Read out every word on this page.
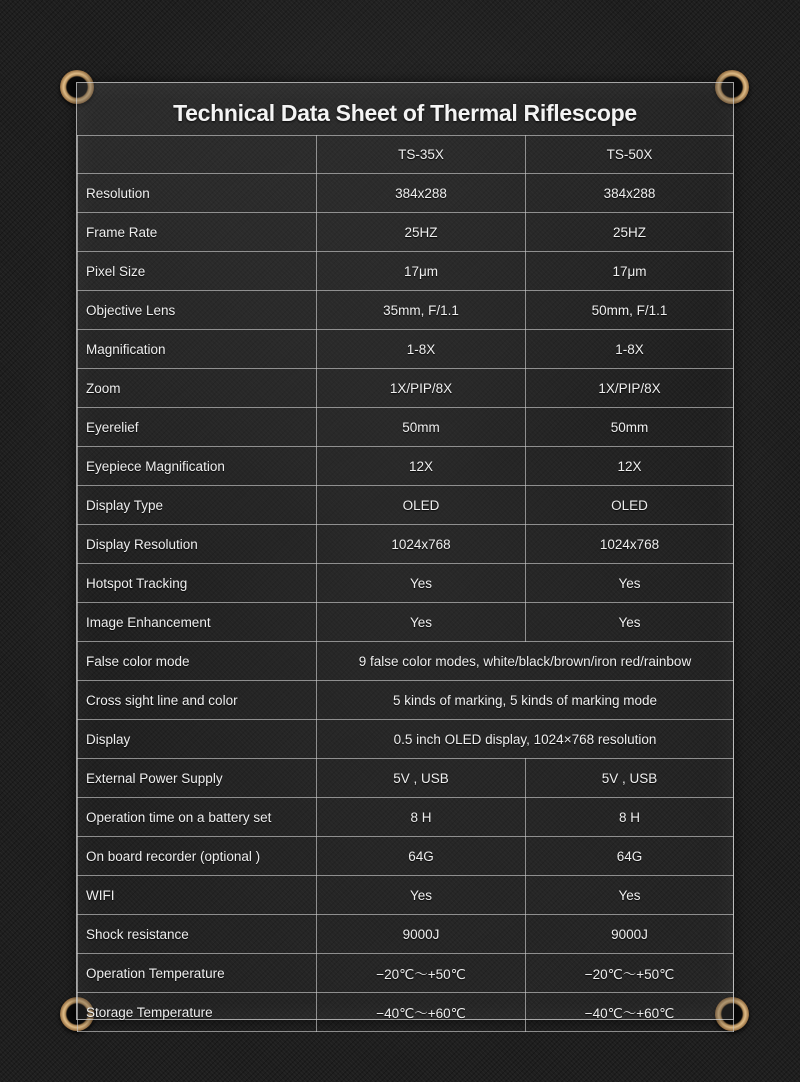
Technical Data Sheet of Thermal Riflescope
	TS-35X	TS-50X
Resolution	384x288	384x288
Frame Rate	25HZ	25HZ
Pixel Size	17μm	17μm
Objective Lens	35mm, F/1.1	50mm, F/1.1
Magnification	1-8X	1-8X
Zoom	1X/PIP/8X	1X/PIP/8X
Eyerelief	50mm	50mm
Eyepiece Magnification	12X	12X
Display Type	OLED	OLED
Display Resolution	1024x768	1024x768
Hotspot Tracking	Yes	Yes
Image Enhancement	Yes	Yes
False color mode	9 false color modes, white/black/brown/iron red/rainbow	
Cross sight line and color	5 kinds of marking, 5 kinds of marking mode	
Display	0.5 inch OLED display, 1024×768 resolution	
External Power Supply	5V , USB	5V , USB
Operation time on a battery set	8 H	8 H
On board recorder (optional )	64G	64G
WIFI	Yes	Yes
Shock resistance	9000J	9000J
Operation Temperature	−20℃～+50℃	−20℃～+50℃
Storage Temperature	−40℃～+60℃	−40℃～+60℃
